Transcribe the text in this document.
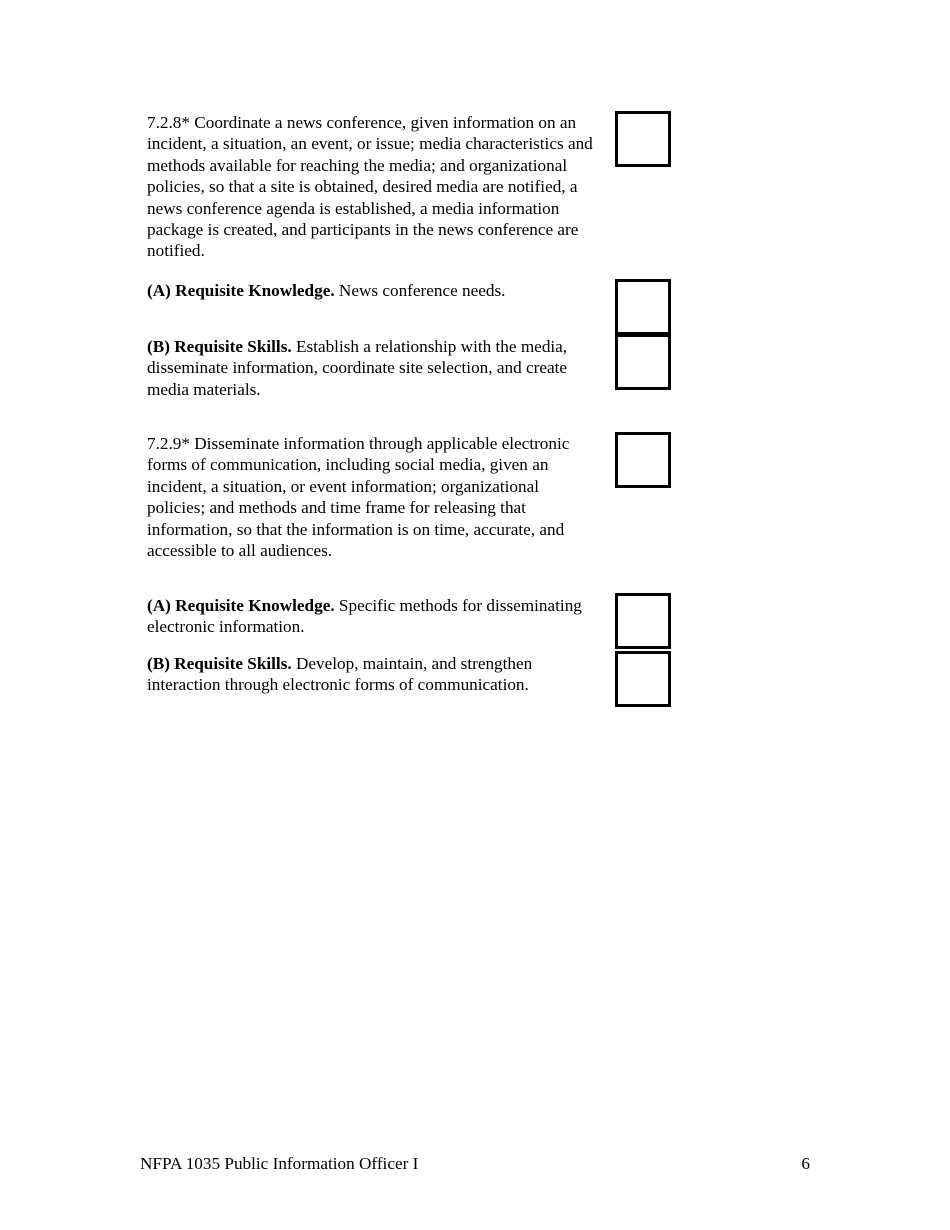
7.2.8* Coordinate a news conference, given information on an incident, a situation, an event, or issue; media characteristics and methods available for reaching the media; and organizational policies, so that a site is obtained, desired media are notified, a news conference agenda is established, a media information package is created, and participants in the news conference are notified.

(A) Requisite Knowledge. News conference needs.

(B) Requisite Skills. Establish a relationship with the media, disseminate information, coordinate site selection, and create media materials.

7.2.9* Disseminate information through applicable electronic forms of communication, including social media, given an incident, a situation, or event information; organizational policies; and methods and time frame for releasing that information, so that the information is on time, accurate, and accessible to all audiences.

(A) Requisite Knowledge. Specific methods for disseminating electronic information.

(B) Requisite Skills. Develop, maintain, and strengthen interaction through electronic forms of communication.

NFPA 1035 Public Information Officer I	6
